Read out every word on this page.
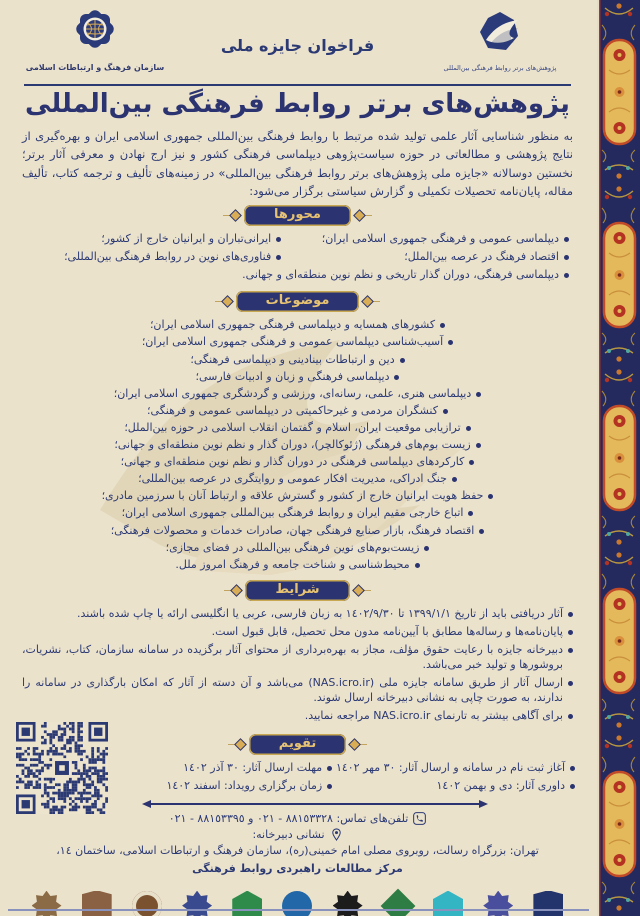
پژوهش‌های برتر روابط فرهنگی بین‌المللی
فراخوان جایزه ملی
سازمان فرهنگ و ارتباطات اسلامی
پژوهش‌های برتر روابط فرهنگی بین‌المللی

به منظور شناسایی آثار علمی تولید شده مرتبط با روابط فرهنگی بین‌المللی جمهوری اسلامی ایران و بهره‌گیری از نتایج پژوهشی و مطالعاتی در حوزه سیاست‌پژوهی دیپلماسی فرهنگی کشور و نیز ارج نهادن و معرفی آثار برتر؛ نخستین دوسالانه «جایزه ملی پژوهش‌های برتر روابط فرهنگی بین‌المللی» در زمینه‌های تألیف و ترجمه کتاب، تألیف مقاله، پایان‌نامه تحصیلات تکمیلی و گزارش سیاستی برگزار می‌شود:

محورها
دیپلماسی عمومی و فرهنگی جمهوری اسلامی ایران؛
اقتصاد فرهنگ در عرصه بین‌الملل؛
ایرانی‌تباران و ایرانیان خارج از کشور؛
فناوری‌های نوین در روابط فرهنگی بین‌المللی؛
دیپلماسی فرهنگی، دوران گذار تاریخی و نظم نوین منطقه‌ای و جهانی.
موضوعات
کشورهای همسایه و دیپلماسی فرهنگی جمهوری اسلامی ایران؛
آسیب‌شناسی دیپلماسی عمومی و فرهنگی جمهوری اسلامی ایران؛
دین و ارتباطات بینادینی و دیپلماسی فرهنگی؛
دیپلماسی فرهنگی و زبان و ادبیات فارسی؛
دیپلماسی هنری، علمی، رسانه‌ای، ورزشی و گردشگری جمهوری اسلامی ایران؛
کنشگران مردمی و غیرحاکمیتی در دیپلماسی عمومی و فرهنگی؛
ترازیابی موقعیت ایران، اسلام و گفتمان انقلاب اسلامی در حوزه بین‌الملل؛
زیست بوم‌های فرهنگی (ژئوکالچر)، دوران گذار و نظم نوین منطقه‌ای و جهانی؛
کارکردهای دیپلماسی فرهنگی در دوران گذار و نظم نوین منطقه‌ای و جهانی؛
جنگ ادراکی، مدیریت افکار عمومی و روایتگری در عرصه بین‌المللی؛
حفظ هویت ایرانیان خارج از کشور و گسترش علاقه و ارتباط آنان با سرزمین مادری؛
اتباع خارجی مقیم ایران و روابط فرهنگی بین‌المللی جمهوری اسلامی ایران؛
اقتصاد فرهنگ، بازار صنایع فرهنگی جهان، صادرات خدمات و محصولات فرهنگی؛
زیست‌بوم‌های نوین فرهنگی بین‌المللی در فضای مجازی؛
محیط‌شناسی و شناخت جامعه و فرهنگ امروز ملل.
شرایط
آثار دریافتی باید از تاریخ ١٣٩٩/١/١ تا ١٤٠٢/٩/٣٠ به زبان فارسی، عربی یا انگلیسی ارائه یا چاپ شده باشند.
پایان‌نامه‌ها و رساله‌ها مطابق با آیین‌نامه مدون محل تحصیل، قابل قبول است.
دبیرخانه جایزه با رعایت حقوق مؤلف، مجاز به بهره‌برداری از محتوای آثار برگزیده در سامانه سازمان، کتاب، نشریات، بروشورها و تولید خبر می‌باشد.
ارسال آثار از طریق سامانه جایزه ملی (NAS.icro.ir) می‌باشد و آن دسته از آثار که امکان بارگذاری در سامانه را ندارند، به صورت چاپی به نشانی دبیرخانه ارسال شوند.
برای آگاهی بیشتر به تارنمای NAS.icro.ir مراجعه نمایید.
تقویم
آغاز ثبت نام در سامانه و ارسال آثار: ٣٠ مهر ١٤٠٢
داوری آثار: دی و بهمن ١٤٠٢
مهلت ارسال آثار: ٣٠ آذر ١٤٠٢
زمان برگزاری رویداد: اسفند ١٤٠٢
تلفن‌های تماس: ٨٨١٥٣٣٢٨ - ٠٢١ و ٨٨١٥٣٣٩٥ - ٠٢١
نشانی دبیرخانه:
تهران: بزرگراه رسالت، روبروی مصلی امام خمینی(ره)، سازمان فرهنگ و ارتباطات اسلامی، ساختمان ١٤،
مرکز مطالعات راهبردی روابط فرهنگی
